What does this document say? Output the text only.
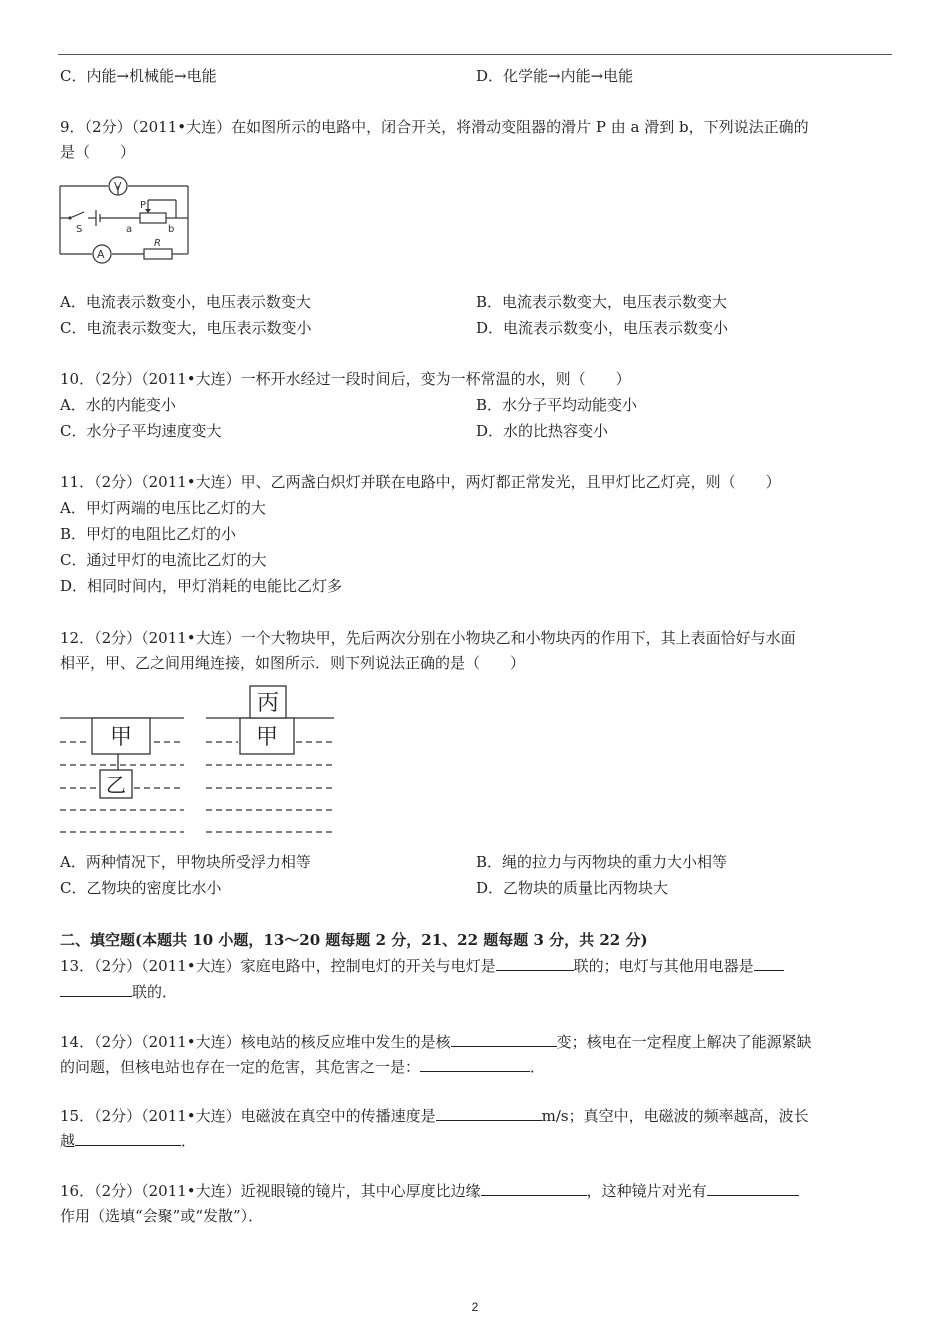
C．内能→机械能→电能	D．化学能→内能→电能
9．（2分）（2011•大连）在如图所示的电路中，闭合开关，将滑动变阻器的滑片 P 由 a 滑到 b，下列说法正确的
是（　　）
V
A
S
P
a	b
R
A．电流表示数变小，电压表示数变大	B．电流表示数变大，电压表示数变大
C．电流表示数变大，电压表示数变小	D．电流表示数变小，电压表示数变小
10．（2分）（2011•大连）一杯开水经过一段时间后，变为一杯常温的水，则（　　）
A．水的内能变小	B．水分子平均动能变小
C．水分子平均速度变大	D．水的比热容变小
11．（2分）（2011•大连）甲、乙两盏白炽灯并联在电路中，两灯都正常发光，且甲灯比乙灯亮，则（　　）
A．甲灯两端的电压比乙灯的大
B．甲灯的电阻比乙灯的小
C．通过甲灯的电流比乙灯的大
D．相同时间内，甲灯消耗的电能比乙灯多
12．（2分）（2011•大连）一个大物块甲，先后两次分别在小物块乙和小物块丙的作用下，其上表面恰好与水面
相平，甲、乙之间用绳连接，如图所示．则下列说法正确的是（　　）
甲
乙
甲
丙
A．两种情况下，甲物块所受浮力相等	B．绳的拉力与丙物块的重力大小相等
C．乙物块的密度比水小	D．乙物块的质量比丙物块大
二、填空题(本题共 10 小题，13～20 题每题 2 分，21、22 题每题 3 分，共 22 分)
13．（2分）（2011•大连）家庭电路中，控制电灯的开关与电灯是	联的；电灯与其他用电器是
联的．
14．（2分）（2011•大连）核电站的核反应堆中发生的是核	变；核电在一定程度上解决了能源紧缺
的问题，但核电站也存在一定的危害，其危害之一是：	．
15．（2分）（2011•大连）电磁波在真空中的传播速度是	m/s；真空中，电磁波的频率越高，波长
越	．
16．（2分）（2011•大连）近视眼镜的镜片，其中心厚度比边缘	，这种镜片对光有
作用（选填“会聚”或“发散”）．
2
